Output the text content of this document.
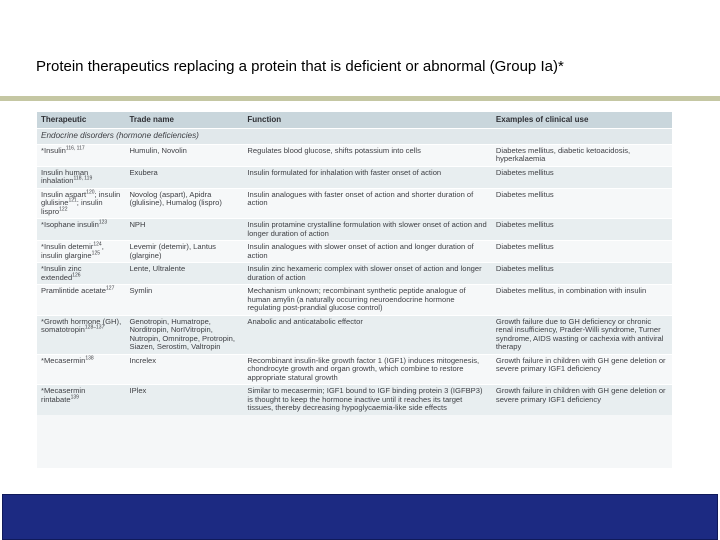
Protein therapeutics replacing a protein that is deficient or abnormal (Group Ia)*
Therapeutic	Trade name	Function	Examples of clinical use
Endocrine disorders (hormone deficiencies)			
*Insulin$^{116, 117}$	Humulin, Novolin	Regulates blood glucose, shifts potassium into cells	Diabetes mellitus, diabetic ketoacidosis, hyperkalaemia
Insulin human inhalation$^{118, 119}$	Exubera	Insulin formulated for inhalation with faster onset of action	Diabetes mellitus
Insulin aspart$^{120}$; insulin glulisine$^{121}$; insulin lispro$^{122}$	Novolog (aspart), Apidra (glulisine), Humalog (lispro)	Insulin analogues with faster onset of action and shorter duration of action	Diabetes mellitus
*Isophane insulin$^{123}$	NPH	Insulin protamine crystalline formulation with slower onset of action and longer duration of action	Diabetes mellitus
*Insulin detemir$^{124}$, insulin glargine$^{125}$	Levemir (detemir), Lantus (glargine)	Insulin analogues with slower onset of action and longer duration of action	Diabetes mellitus
*Insulin zinc extended$^{126}$	Lente, Ultralente	Insulin zinc hexameric complex with slower onset of action and longer duration of action	Diabetes mellitus
Pramlintide acetate$^{127}$	Symlin	Mechanism unknown; recombinant synthetic peptide analogue of human amylin (a naturally occurring neuroendocrine hormone regulating post-prandial glucose control)	Diabetes mellitus, in combination with insulin
*Growth hormone (GH), somatotropin$^{128-137}$	Genotropin, Humatrope, Norditropin, NorIVitropin, Nutropin, Omnitrope, Protropin, Siazen, Serostim, Valtropin	Anabolic and anticatabolic effector	Growth failure due to GH deficiency or chronic renal insufficiency, Prader-Willi syndrome, Turner syndrome, AIDS wasting or cachexia with antiviral therapy
*Mecasermin$^{138}$	Increlex	Recombinant insulin-like growth factor 1 (IGF1) induces mitogenesis, chondrocyte growth and organ growth, which combine to restore appropriate statural growth	Growth failure in children with GH gene deletion or severe primary IGF1 deficiency
*Mecasermin rintabate$^{139}$	IPlex	Similar to mecasermin; IGF1 bound to IGF binding protein 3 (IGFBP3) is thought to keep the hormone inactive until it reaches its target tissues, thereby decreasing hypoglycaemia-like side effects	Growth failure in children with GH gene deletion or severe primary IGF1 deficiency
